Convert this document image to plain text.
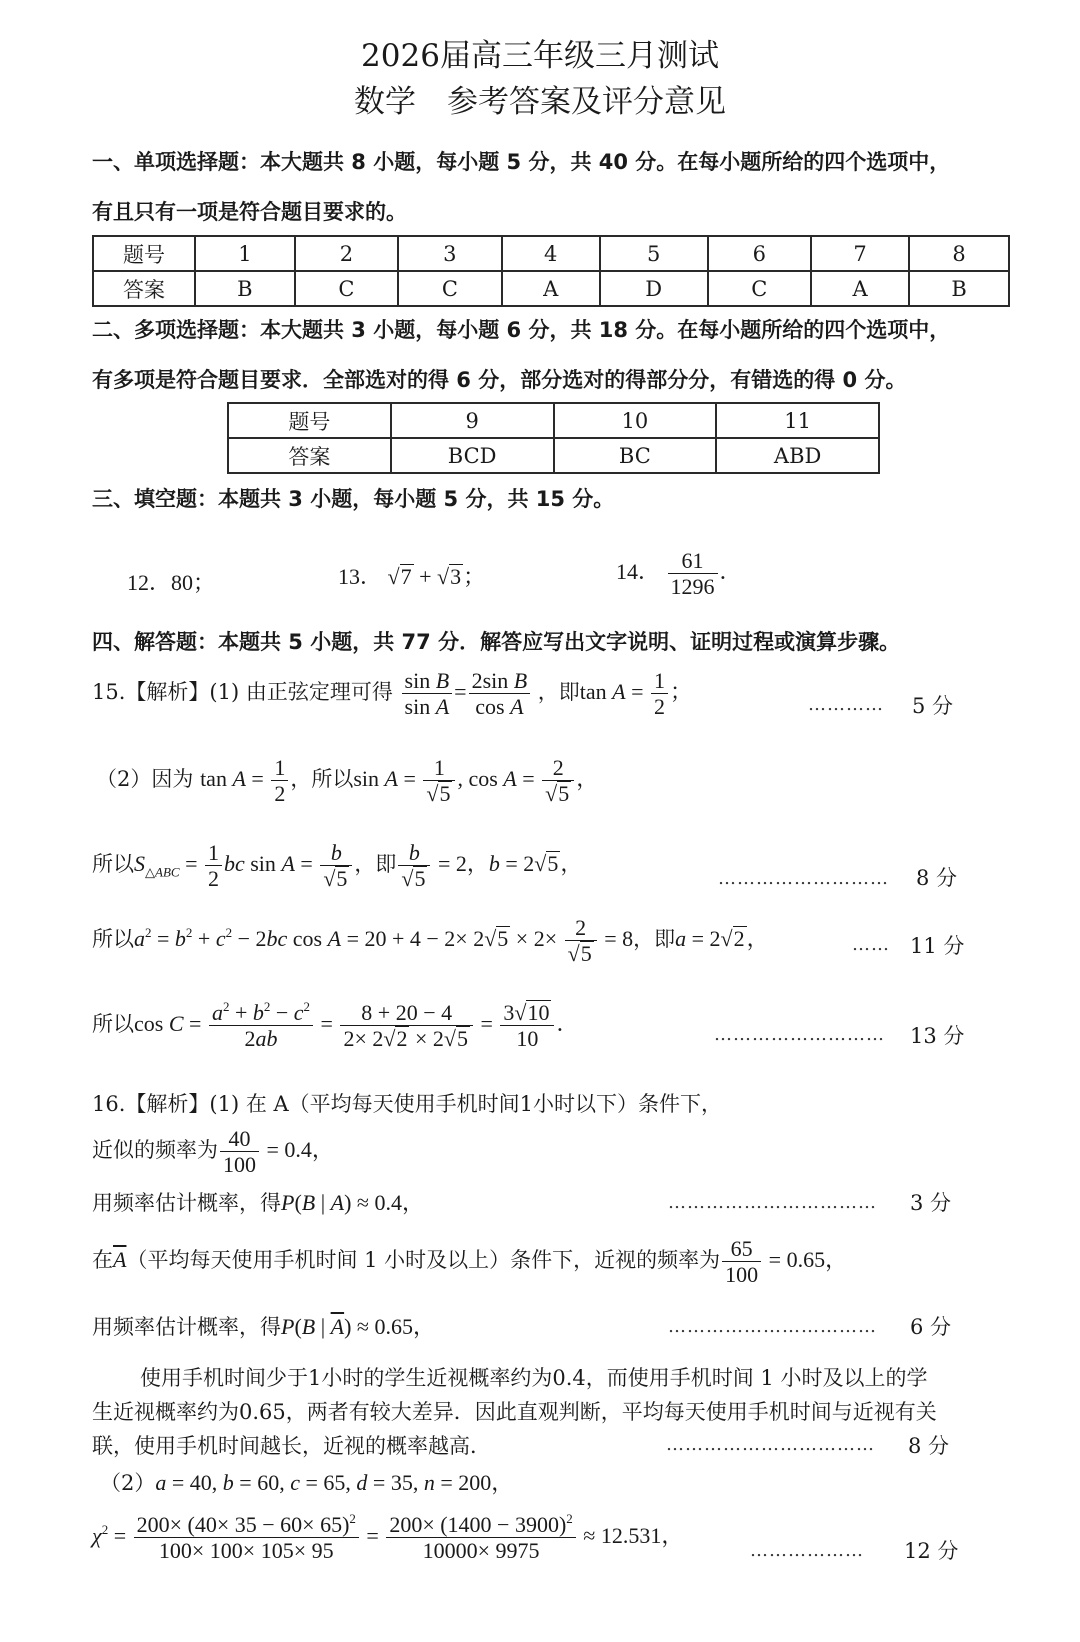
2026届高三年级三月测试
数学　参考答案及评分意见
一、单项选择题：本大题共 8 小题，每小题 5 分，共 40 分。在每小题所给的四个选项中，
有且只有一项是符合题目要求的。
题号	1	2	3	4	5	6	7	8
答案	B	C	C	A	D	C	A	B
二、多项选择题：本大题共 3 小题，每小题 6 分，共 18 分。在每小题所给的四个选项中，
有多项是符合题目要求．全部选对的得 6 分，部分选对的得部分分，有错选的得 0 分。
题号	9	10	11
答案	BCD	BC	ABD
三、填空题：本题共 3 小题，每小题 5 分，共 15 分。
12．80；	13． √7 + √3；	14． $\frac{61}{1296}$ ．
四、解答题：本题共 5 小题，共 77 分．解答应写出文字说明、证明过程或演算步骤。
15.【解析】(1) 由正弦定理可得 $\frac{\text{sin B}}{\text{sin A}} = \frac{\text{2sin B}}{\text{cos A}}$ ，即$\tan A = \frac{1}{2}$ ；
………… 5 分
（2）因为 $\tan A = \frac{1}{2}$ ，所以$\sin A = \frac{1}{√5}$ , $\cos A = \frac{2}{√5}$ ，
所以$S_{\triangle ABC} = \frac{1}{2}$ bc $\sin A = \frac{b}{√5}$ ，即 $\frac{b}{√5} = 2$，b = 2√5，
……………………… 8 分
所以$a^2 = b^2 + c^2 - 2bc$ $\cos A = 20 + 4 - 2\times 2√5 \times 2\times \frac{2}{√5} = 8$，即a = 2√2，	…… 11 分
所以$\cos C = \frac{a^2 + b^2 - c^2}{2ab} = \frac{8 + 20 - 4}{2\times 2√2 \times 2√5} = \frac{3√10}{10}$ ．	……………………… 13 分
16.【解析】(1) 在 A（平均每天使用手机时间1小时以下）条件下，
近似的频率为 $\frac{40}{100} = 0.4$，
用频率估计概率，得P(B | A) ≈ 0.4，	…………………………… 3 分
在$\overline{A}$（平均每天使用手机时间 1 小时及以上）条件下，近视的频率为 $\frac{65}{100} = 0.65$，
用频率估计概率，得P(B | $\overline{A}) \approx 0.65$，	…………………………… 6 分
使用手机时间少于1小时的学生近视概率约为0.4，而使用手机时间 1 小时及以上的学
生近视概率约为0.65，两者有较大差异．因此直观判断，平均每天使用手机时间与近视有关
联，使用手机时间越长，近视的概率越高．	…………………………… 8 分
（2）a = 40, b = 60, c = 65, d = 35, n = 200，
$\chi^2 = \frac{200\times (40\times 35 - 60\times 65)^2}{100\times 100\times 105\times 95} = \frac{200\times (1400 - 3900)^2}{10000\times 9975} \approx 12.531$，
……………… 12 分
